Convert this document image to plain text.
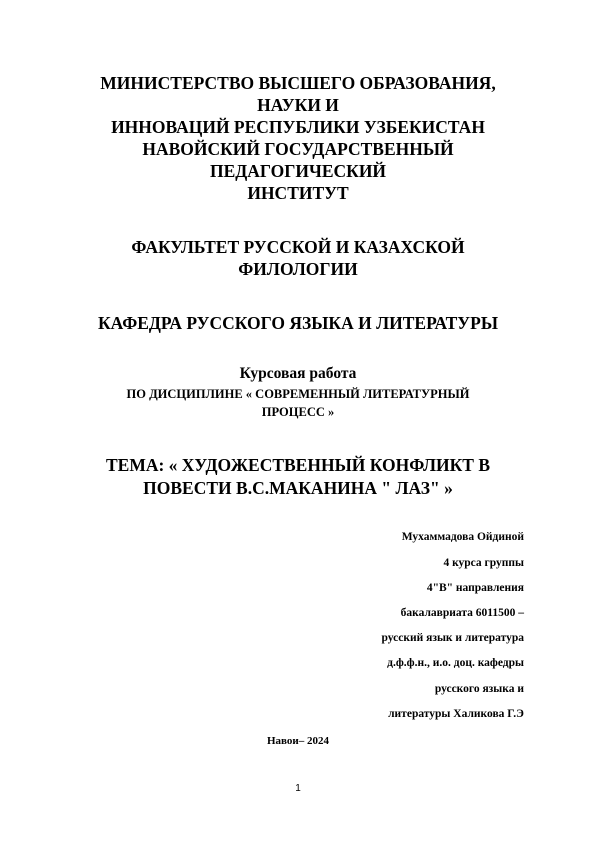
МИНИСТЕРСТВО ВЫСШЕГО ОБРАЗОВАНИЯ,
НАУКИ И
ИННОВАЦИЙ РЕСПУБЛИКИ УЗБЕКИСТАН
НАВОЙСКИЙ ГОСУДАРСТВЕННЫЙ
ПЕДАГОГИЧЕСКИЙ
ИНСТИТУТ
ФАКУЛЬТЕТ РУССКОЙ И КАЗАХСКОЙ
ФИЛОЛОГИИ
КАФЕДРА РУССКОГО ЯЗЫКА И ЛИТЕРАТУРЫ
Курсовая работа
ПО ДИСЦИПЛИНЕ « СОВРЕМЕННЫЙ ЛИТЕРАТУРНЫЙ
ПРОЦЕСС »
ТЕМА: « ХУДОЖЕСТВЕННЫЙ КОНФЛИКТ В
ПОВЕСТИ В.С.МАКАНИНА " ЛАЗ" »
Мухаммадова Ойдиной
4 курса группы
4"В" направления
бакалавриата 6011500 –
русский язык и литература
д.ф.ф.н., и.о. доц. кафедры
русского языка и
литературы Халикова Г.Э
Навои– 2024
1
